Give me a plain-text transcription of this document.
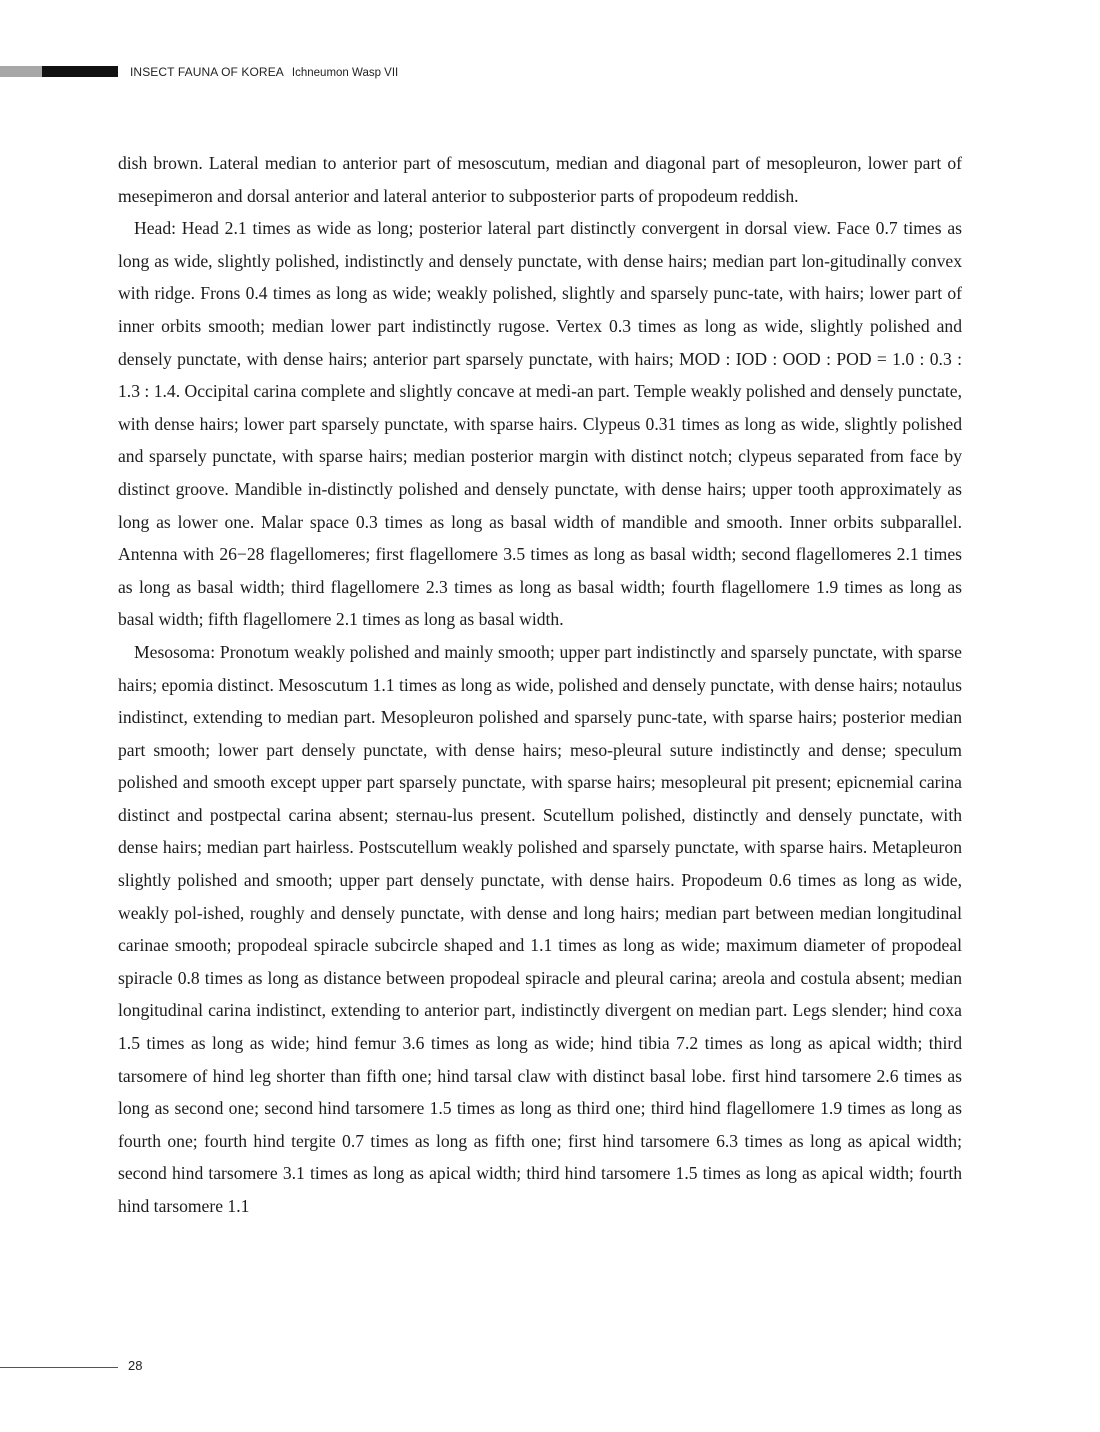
INSECT FAUNA OF KOREA Ichneumon Wasp VII

dish brown. Lateral median to anterior part of mesoscutum, median and diagonal part of mesopleuron, lower part of mesepimeron and dorsal anterior and lateral anterior to subposterior parts of propodeum reddish.

Head: Head 2.1 times as wide as long; posterior lateral part distinctly convergent in dorsal view. Face 0.7 times as long as wide, slightly polished, indistinctly and densely punctate, with dense hairs; median part lon-gitudinally convex with ridge. Frons 0.4 times as long as wide; weakly polished, slightly and sparsely punc-tate, with hairs; lower part of inner orbits smooth; median lower part indistinctly rugose. Vertex 0.3 times as long as wide, slightly polished and densely punctate, with dense hairs; anterior part sparsely punctate, with hairs; MOD : IOD : OOD : POD = 1.0 : 0.3 : 1.3 : 1.4. Occipital carina complete and slightly concave at medi-an part. Temple weakly polished and densely punctate, with dense hairs; lower part sparsely punctate, with sparse hairs. Clypeus 0.31 times as long as wide, slightly polished and sparsely punctate, with sparse hairs; median posterior margin with distinct notch; clypeus separated from face by distinct groove. Mandible in-distinctly polished and densely punctate, with dense hairs; upper tooth approximately as long as lower one. Malar space 0.3 times as long as basal width of mandible and smooth. Inner orbits subparallel. Antenna with 26−28 flagellomeres; first flagellomere 3.5 times as long as basal width; second flagellomeres 2.1 times as long as basal width; third flagellomere 2.3 times as long as basal width; fourth flagellomere 1.9 times as long as basal width; fifth flagellomere 2.1 times as long as basal width.

Mesosoma: Pronotum weakly polished and mainly smooth; upper part indistinctly and sparsely punctate, with sparse hairs; epomia distinct. Mesoscutum 1.1 times as long as wide, polished and densely punctate, with dense hairs; notaulus indistinct, extending to median part. Mesopleuron polished and sparsely punc-tate, with sparse hairs; posterior median part smooth; lower part densely punctate, with dense hairs; meso-pleural suture indistinctly and dense; speculum polished and smooth except upper part sparsely punctate, with sparse hairs; mesopleural pit present; epicnemial carina distinct and postpectal carina absent; sternau-lus present. Scutellum polished, distinctly and densely punctate, with dense hairs; median part hairless. Postscutellum weakly polished and sparsely punctate, with sparse hairs. Metapleuron slightly polished and smooth; upper part densely punctate, with dense hairs. Propodeum 0.6 times as long as wide, weakly pol-ished, roughly and densely punctate, with dense and long hairs; median part between median longitudinal carinae smooth; propodeal spiracle subcircle shaped and 1.1 times as long as wide; maximum diameter of propodeal spiracle 0.8 times as long as distance between propodeal spiracle and pleural carina; areola and costula absent; median longitudinal carina indistinct, extending to anterior part, indistinctly divergent on median part. Legs slender; hind coxa 1.5 times as long as wide; hind femur 3.6 times as long as wide; hind tibia 7.2 times as long as apical width; third tarsomere of hind leg shorter than fifth one; hind tarsal claw with distinct basal lobe. first hind tarsomere 2.6 times as long as second one; second hind tarsomere 1.5 times as long as third one; third hind flagellomere 1.9 times as long as fourth one; fourth hind tergite 0.7 times as long as fifth one; first hind tarsomere 6.3 times as long as apical width; second hind tarsomere 3.1 times as long as apical width; third hind tarsomere 1.5 times as long as apical width; fourth hind tarsomere 1.1

28
